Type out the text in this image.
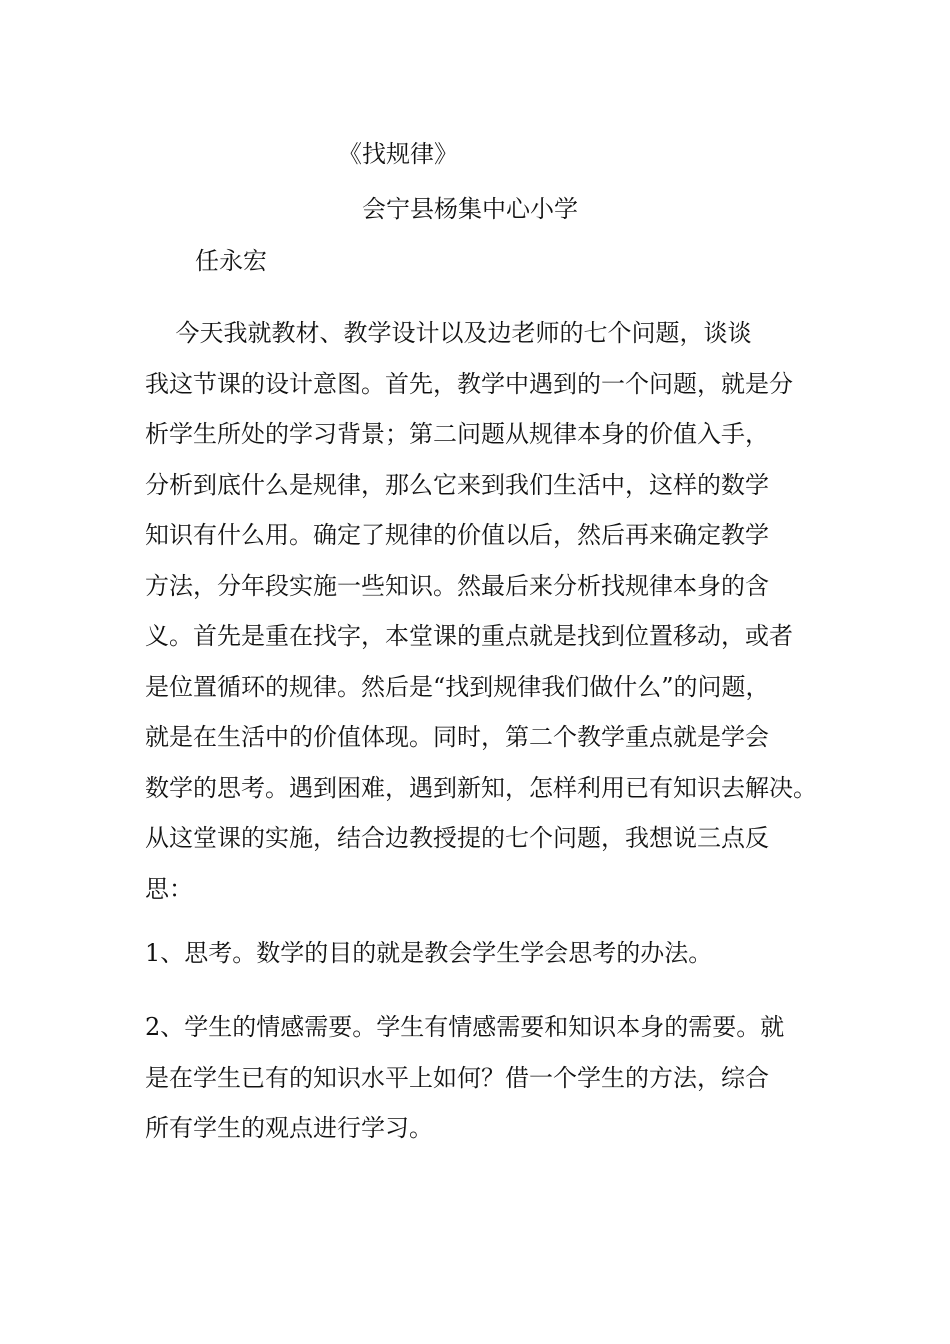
《找规律》
会宁县杨集中心小学
任永宏
今天我就教材、教学设计以及边老师的七个问题，谈谈
我这节课的设计意图。首先，教学中遇到的一个问题，就是分
析学生所处的学习背景；第二问题从规律本身的价值入手，
分析到底什么是规律，那么它来到我们生活中，这样的数学
知识有什么用。确定了规律的价值以后，然后再来确定教学
方法，分年段实施一些知识。然最后来分析找规律本身的含
义。首先是重在找字，本堂课的重点就是找到位置移动，或者
是位置循环的规律。然后是“找到规律我们做什么”的问题，
就是在生活中的价值体现。同时，第二个教学重点就是学会
数学的思考。遇到困难，遇到新知，怎样利用已有知识去解决。
从这堂课的实施，结合边教授提的七个问题，我想说三点反
思：
1、思考。数学的目的就是教会学生学会思考的办法。
2、学生的情感需要。学生有情感需要和知识本身的需要。就
是在学生已有的知识水平上如何？借一个学生的方法，综合
所有学生的观点进行学习。
